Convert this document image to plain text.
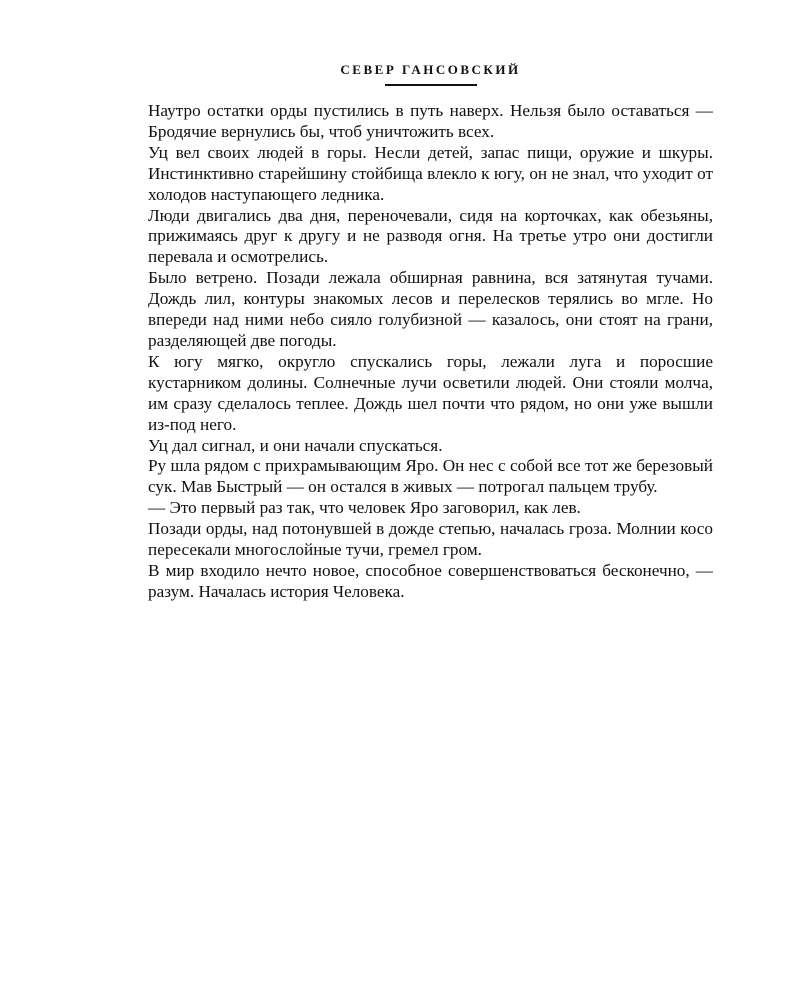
СЕВЕР ГАНСОВСКИЙ

Наутро остатки орды пустились в путь наверх. Нельзя было оставаться — Бродячие вернулись бы, чтоб уничтожить всех.

Уц вел своих людей в горы. Несли детей, запас пищи, оружие и шкуры. Инстинктивно старейшину стойбища влекло к югу, он не знал, что уходит от холодов наступающего ледника.

Люди двигались два дня, переночевали, сидя на корточках, как обезьяны, прижимаясь друг к другу и не разводя огня. На третье утро они достигли перевала и осмотрелись.

Было ветрено. Позади лежала обширная равнина, вся затянутая тучами. Дождь лил, контуры знакомых лесов и перелесков терялись во мгле. Но впереди над ними небо сияло голубизной — казалось, они стоят на грани, разделяющей две погоды.

К югу мягко, округло спускались горы, лежали луга и поросшие кустарником долины. Солнечные лучи осветили людей. Они стояли молча, им сразу сделалось теплее. Дождь шел почти что рядом, но они уже вышли из-под него.

Уц дал сигнал, и они начали спускаться.

Ру шла рядом с прихрамывающим Яро. Он нес с собой все тот же березовый сук. Мав Быстрый — он остался в живых — потрогал пальцем трубу.

— Это первый раз так, что человек Яро заговорил, как лев.

Позади орды, над потонувшей в дожде степью, началась гроза. Молнии косо пересекали многослойные тучи, гремел гром.

В мир входило нечто новое, способное совершенствоваться бесконечно, — разум. Началась история Человека.
